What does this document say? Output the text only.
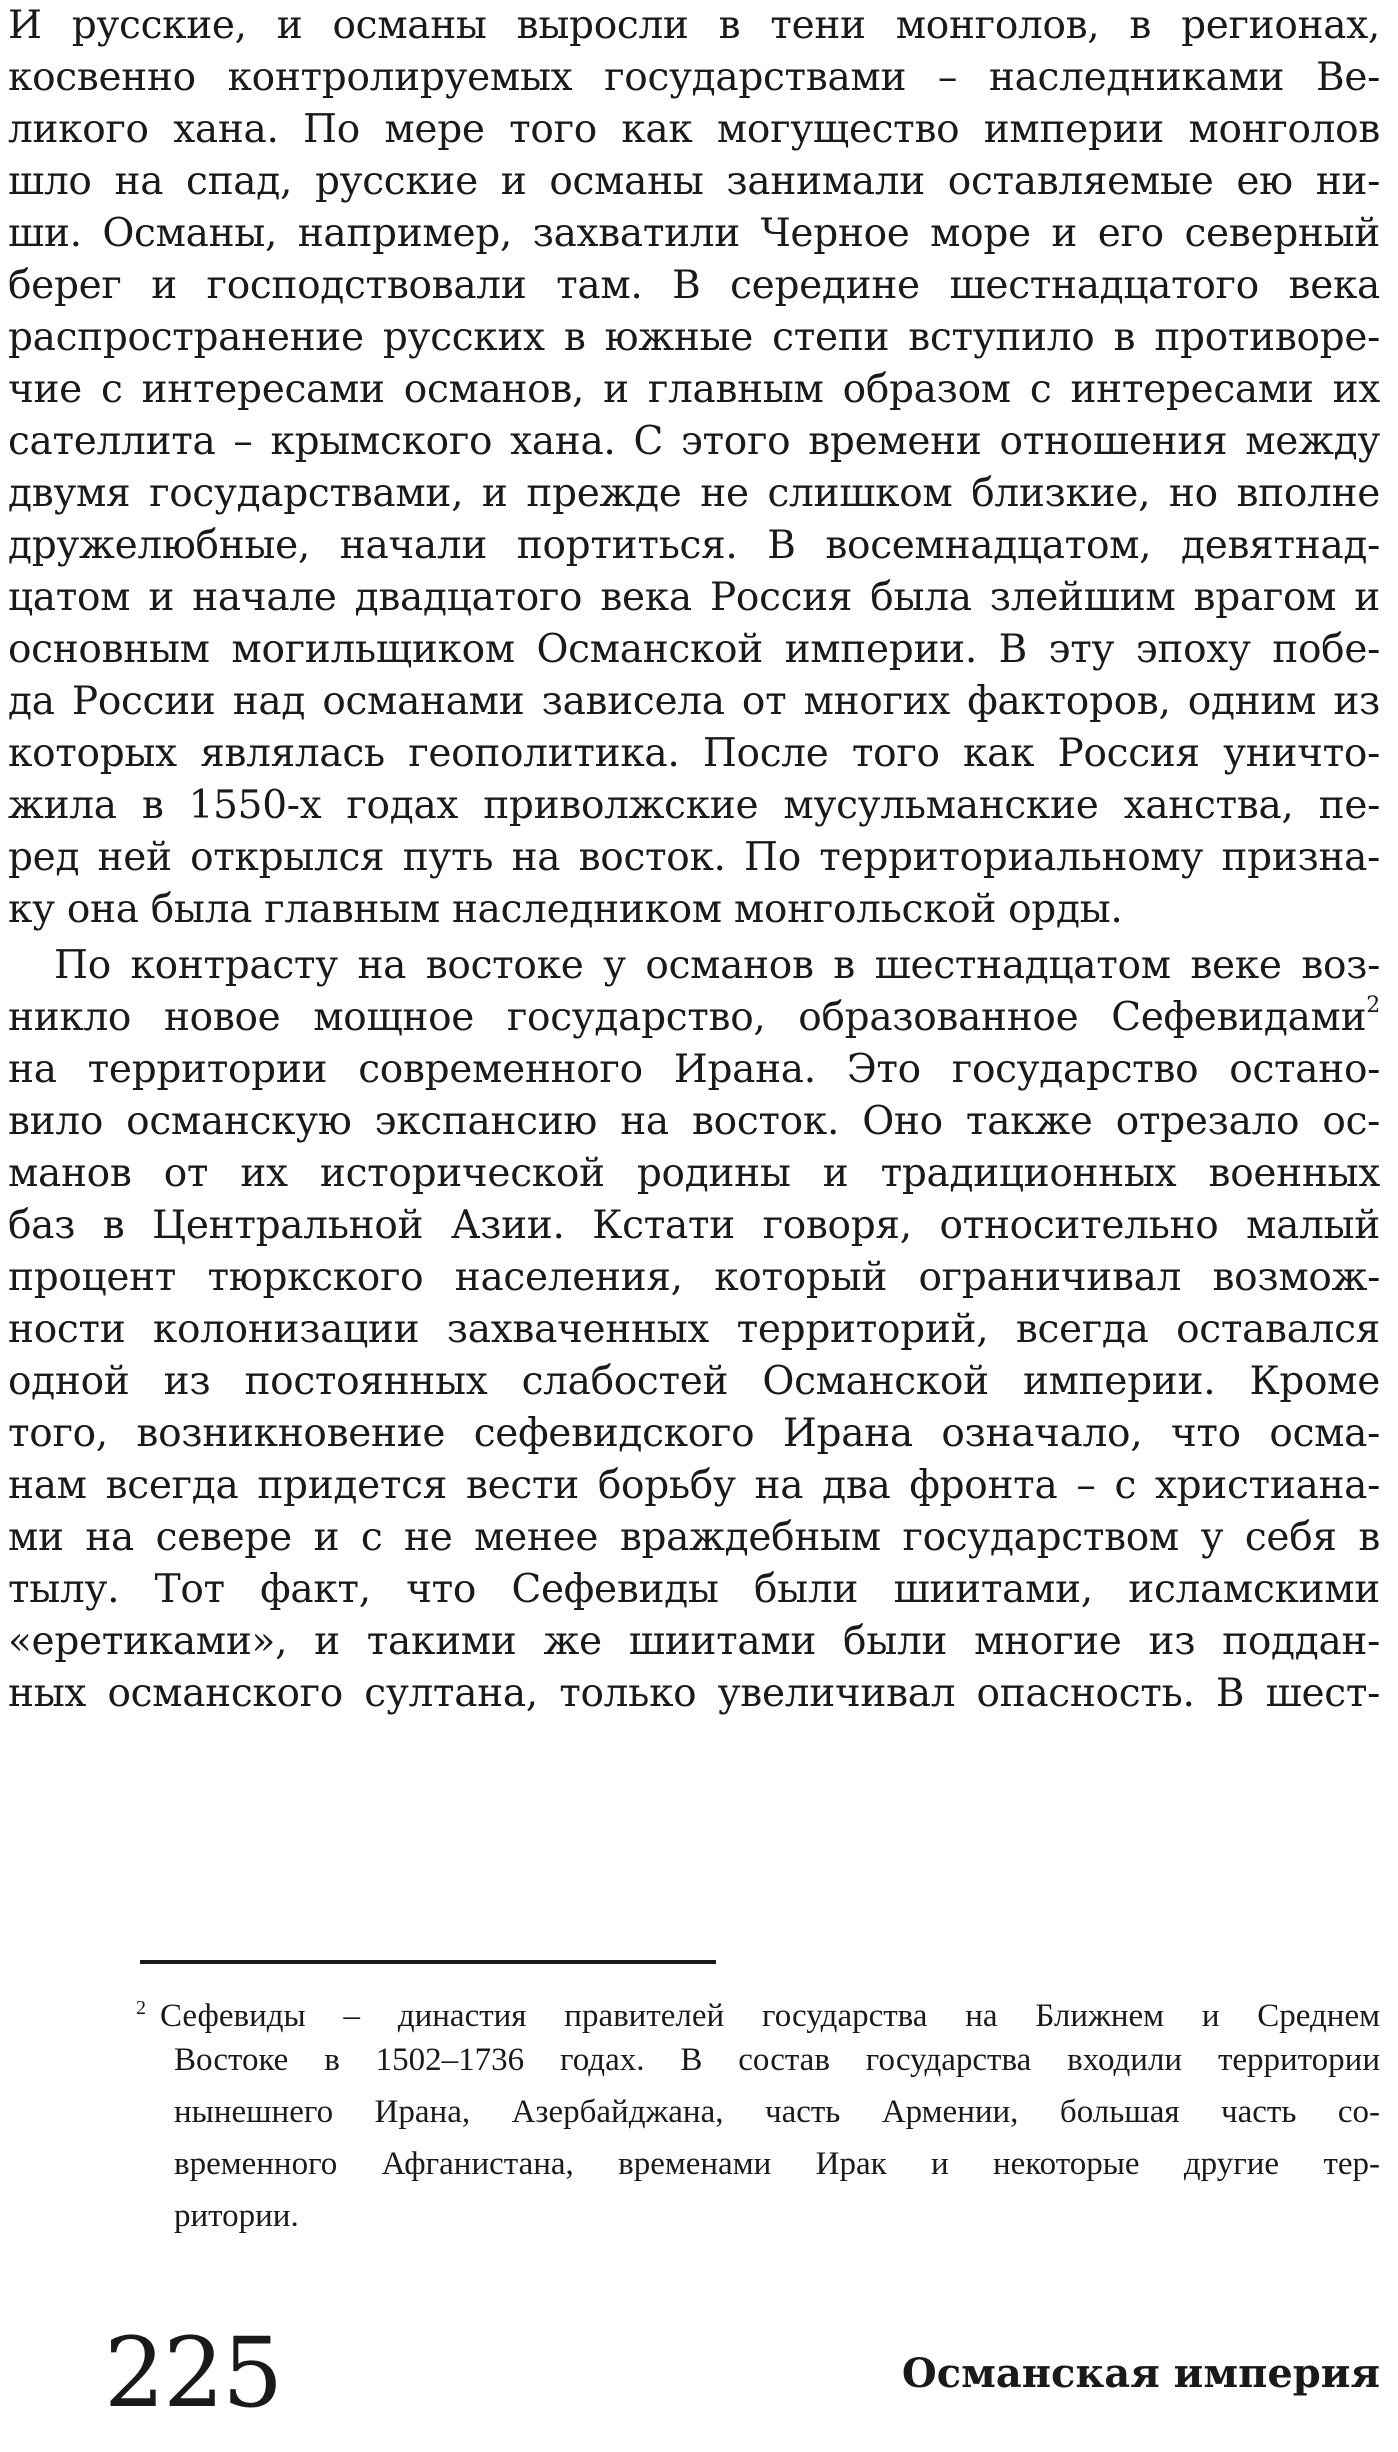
И русские, и османы выросли в тени монголов, в регионах,
косвенно контролируемых государствами – наследниками Ве-
ликого хана. По мере того как могущество империи монголов
шло на спад, русские и османы занимали оставляемые ею ни-
ши. Османы, например, захватили Черное море и его северный
берег и господствовали там. В середине шестнадцатого века
распространение русских в южные степи вступило в противоре-
чие с интересами османов, и главным образом с интересами их
сателлита – крымского хана. С этого времени отношения между
двумя государствами, и прежде не слишком близкие, но вполне
дружелюбные, начали портиться. В восемнадцатом, девятнад-
цатом и начале двадцатого века Россия была злейшим врагом и
основным могильщиком Османской империи. В эту эпоху побе-
да России над османами зависела от многих факторов, одним из
которых являлась геополитика. После того как Россия уничто-
жила в 1550-х годах приволжские мусульманские ханства, пе-
ред ней открылся путь на восток. По территориальному призна-
ку она была главным наследником монгольской орды.
По контрасту на востоке у османов в шестнадцатом веке воз-
никло новое мощное государство, образованное Сефевидами$^2$
на территории современного Ирана. Это государство остано-
вило османскую экспансию на восток. Оно также отрезало ос-
манов от их исторической родины и традиционных военных
баз в Центральной Азии. Кстати говоря, относительно малый
процент тюркского населения, который ограничивал возмож-
ности колонизации захваченных территорий, всегда оставался
одной из постоянных слабостей Османской империи. Кроме
того, возникновение сефевидского Ирана означало, что осма-
нам всегда придется вести борьбу на два фронта – с христиана-
ми на севере и с не менее враждебным государством у себя в
тылу. Тот факт, что Сефевиды были шиитами, исламскими
«еретиками», и такими же шиитами были многие из поддан-
ных османского султана, только увеличивал опасность. В шест-
$^2$ Сефевиды – династия правителей государства на Ближнем и Среднем
Востоке в 1502–1736 годах. В состав государства входили территории
нынешнего Ирана, Азербайджана, часть Армении, большая часть со-
временного Афганистана, временами Ирак и некоторые другие тер-
ритории.
225	Османская империя
